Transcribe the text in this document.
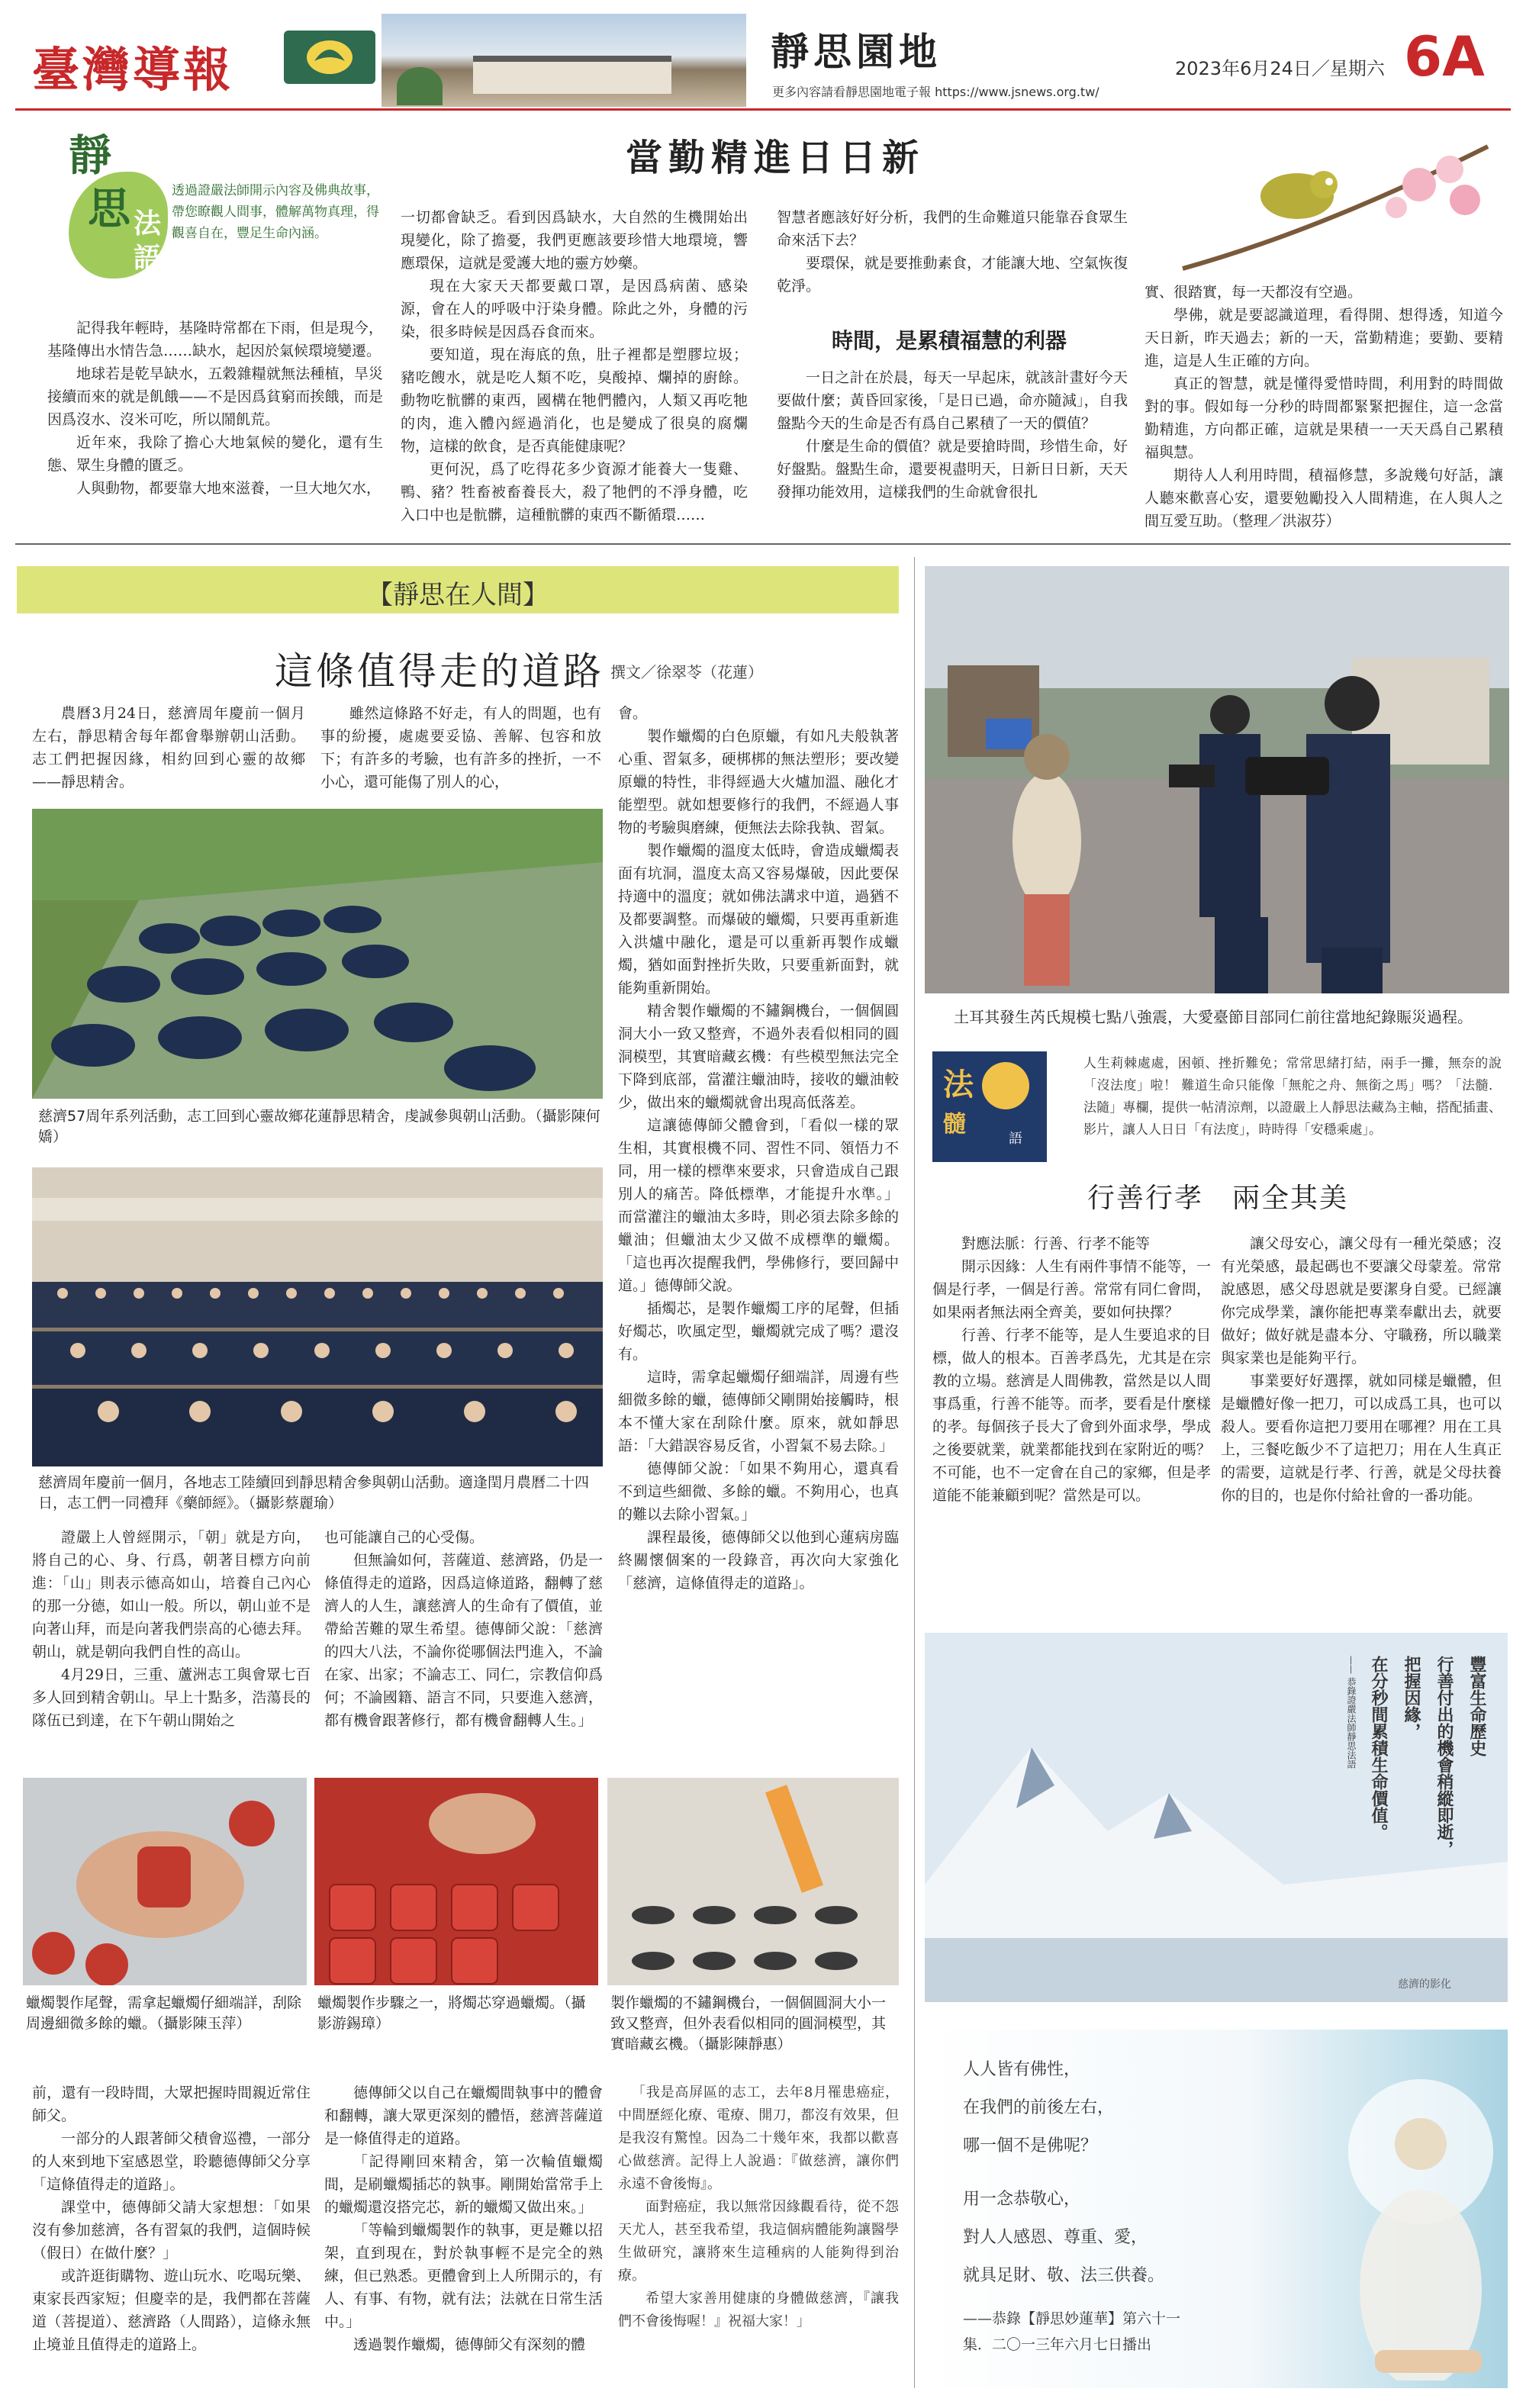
臺灣導報	靜思園地
更多內容請看靜思園地電子報 https://www.jsnews.org.tw/
2023年6月24日／星期六 6A
靜
思 法
語
透過證嚴法師開示內容及佛典故事，帶您瞭觀人間事，體解萬物真理，得觀喜自在，豐足生命內涵。
當勤精進日日新

記得我年輕時，基隆時常都在下雨，但是現今，基隆傳出水情告急……缺水，起因於氣候環境變遷。

地球若是乾旱缺水，五穀雜糧就無法種植，旱災接續而來的就是飢餓——不是因爲貧窮而挨餓，而是因爲沒水、沒米可吃，所以鬧飢荒。

近年來，我除了擔心大地氣候的變化，還有生態、眾生身體的匱乏。

人與動物，都要靠大地來滋養，一旦大地欠水，

一切都會缺乏。看到因爲缺水，大自然的生機開始出現變化，除了擔憂，我們更應該要珍惜大地環境，響應環保，這就是愛護大地的靈方妙藥。

現在大家天天都要戴口罩，是因爲病菌、感染源，會在人的呼吸中汙染身體。除此之外，身體的污染，很多時候是因爲吞食而來。

要知道，現在海底的魚，肚子裡都是塑膠垃圾；豬吃餿水，就是吃人類不吃，臭酸掉、爛掉的廚餘。動物吃骯髒的東西，國構在牠們體內，人類又再吃牠的肉，進入體內經過消化，也是變成了很臭的腐爛物，這樣的飲食，是否真能健康呢？

更何況，爲了吃得花多少資源才能養大一隻雞、鴨、豬？牲畜被畜養長大，殺了牠們的不淨身體，吃入口中也是骯髒，這種骯髒的東西不斷循環……

智慧者應該好好分析，我們的生命難道只能靠吞食眾生命來活下去？

要環保，就是要推動素食，才能讓大地、空氣恢復乾淨。

時間，是累積福慧的利器

一日之計在於晨，每天一早起床，就該計畫好今天要做什麼；黃昏回家後，「是日已過，命亦隨減」，自我盤點今天的生命是否有爲自己累積了一天的價值？

什麼是生命的價值？就是要搶時間，珍惜生命，好好盤點。盤點生命，還要視盡明天，日新日日新，天天發揮功能效用，這樣我們的生命就會很扎

實、很踏實，每一天都沒有空過。

學佛，就是要認識道理，看得開、想得透，知道今天日新，昨天過去；新的一天，當勤精進；要勤、要精進，這是人生正確的方向。

真正的智慧，就是懂得愛惜時間，利用對的時間做對的事。假如每一分秒的時間都緊緊把握住，這一念當勤精進，方向都正確，這就是果積一一天天爲自己累積福與慧。

期待人人利用時間，積福修慧，多說幾句好話，讓人聽來歡喜心安，還要勉勵投入人間精進，在人與人之間互愛互助。（整理／洪淑芬）

【靜思在人間】
這條值得走的道路 撰文／徐翠苓（花蓮）

農曆3月24日，慈濟周年慶前一個月左右，靜思精舍每年都會舉辦朝山活動。志工們把握因緣，相約回到心靈的故鄉——靜思精舍。

雖然這條路不好走，有人的問題，也有事的紛擾，處處要妥協、善解、包容和放下；有許多的考驗，也有許多的挫折，一不小心，還可能傷了別人的心，

慈濟57周年系列活動，志工回到心靈故鄉花蓮靜思精舍，虔誠參與朝山活動。（攝影陳何嬌）
慈濟周年慶前一個月，各地志工陸續回到靜思精舍參與朝山活動。適逢閏月農曆二十四日，志工們一同禮拜《藥師經》。（攝影蔡麗瑜）

證嚴上人曾經開示，「朝」就是方向，將自己的心、身、行爲，朝著目標方向前進：「山」則表示德高如山，培養自己內心的那一分德，如山一般。所以，朝山並不是向著山拜，而是向著我們崇高的心德去拜。朝山，就是朝向我們自性的高山。

4月29日，三重、蘆洲志工與會眾七百多人回到精舍朝山。早上十點多，浩蕩長的隊伍已到達，在下午朝山開始之

也可能讓自己的心受傷。

但無論如何，菩薩道、慈濟路，仍是一條值得走的道路，因爲這條道路，翻轉了慈濟人的人生，讓慈濟人的生命有了價值，並帶給苦難的眾生希望。德傳師父說：「慈濟的四大八法，不論你從哪個法門進入，不論在家、出家；不論志工、同仁，宗教信仰爲何；不論國籍、語言不同，只要進入慈濟，都有機會跟著修行，都有機會翻轉人生。」

會。

製作蠟燭的白色原蠟，有如凡夫般執著心重、習氣多，硬梆梆的無法塑形；要改變原蠟的特性，非得經過大火爐加溫、融化才能塑型。就如想要修行的我們，不經過人事物的考驗與磨練，便無法去除我執、習氣。

製作蠟燭的溫度太低時，會造成蠟燭表面有坑洞，溫度太高又容易爆破，因此要保持適中的溫度；就如佛法講求中道，過猶不及都要調整。而爆破的蠟燭，只要再重新進入洪爐中融化，還是可以重新再製作成蠟燭，猶如面對挫折失敗，只要重新面對，就能夠重新開始。

精舍製作蠟燭的不鏽鋼機台，一個個圓洞大小一致又整齊，不過外表看似相同的圓洞模型，其實暗藏玄機：有些模型無法完全下降到底部，當灌注蠟油時，接收的蠟油較少，做出來的蠟燭就會出現高低落差。

這讓德傳師父體會到，「看似一樣的眾生相，其實根機不同、習性不同、領悟力不同，用一樣的標準來要求，只會造成自己跟別人的痛苦。降低標準，才能提升水準。」而當灌注的蠟油太多時，則必須去除多餘的蠟油；但蠟油太少又做不成標準的蠟燭。「這也再次提醒我們，學佛修行，要回歸中道。」德傳師父說。

插燭芯，是製作蠟燭工序的尾聲，但插好燭芯，吹風定型，蠟燭就完成了嗎？還沒有。

這時，需拿起蠟燭仔細端詳，周邊有些細微多餘的蠟，德傳師父剛開始接觸時，根本不懂大家在刮除什麼。原來，就如靜思語：「大錯誤容易反省，小習氣不易去除。」

德傳師父說：「如果不夠用心，還真看不到這些細微、多餘的蠟。不夠用心，也真的難以去除小習氣。」

課程最後，德傳師父以他到心蓮病房臨終關懷個案的一段錄音，再次向大家強化「慈濟，這條值得走的道路」。

蠟燭製作尾聲，需拿起蠟燭仔細端詳，刮除周邊細微多餘的蠟。（攝影陳玉萍）
蠟燭製作步驟之一，將燭芯穿過蠟燭。（攝影游錫璋）
製作蠟燭的不鏽鋼機台，一個個圓洞大小一致又整齊，但外表看似相同的圓洞模型，其實暗藏玄機。（攝影陳靜惠）

前，還有一段時間，大眾把握時間親近常住師父。

一部分的人跟著師父積會巡禮，一部分的人來到地下室感恩堂，聆聽德傳師父分享「這條值得走的道路」。

課堂中，德傳師父請大家想想：「如果沒有參加慈濟，各有習氣的我們，這個時候（假日）在做什麼？」

或許逛街購物、遊山玩水、吃喝玩樂、東家長西家短；但慶幸的是，我們都在菩薩道（菩提道）、慈濟路（人間路），這條永無止境並且值得走的道路上。

德傳師父以自己在蠟燭間執事中的體會和翻轉，讓大眾更深刻的體悟，慈濟菩薩道是一條值得走的道路。

「記得剛回來精舍，第一次輪值蠟燭間，是刷蠟燭插芯的執事。剛開始當常手上的蠟燭還沒搭完芯，新的蠟燭又做出來。」

「等輪到蠟燭製作的執事，更是難以招架，直到現在，對於執事輕不是完全的熟練，但已熟悉。更體會到上人所開示的，有人、有事、有物，就有法；法就在日常生活中。」

透過製作蠟燭，德傳師父有深刻的體

「我是高屏區的志工，去年8月罹患癌症，中間歷經化療、電療、開刀，都沒有效果，但是我沒有驚惶。因為二十幾年來，我都以歡喜心做慈濟。記得上人說過：『做慈濟，讓你們永遠不會後悔』。

面對癌症，我以無常因緣觀看待，從不怨天尤人，甚至我希望，我這個病體能夠讓醫學生做研究，讓將來生這種病的人能夠得到治療。

希望大家善用健康的身體做慈濟，『讓我們不會後悔喔！』祝福大家！」

土耳其發生芮氏規模七點八強震，大愛臺節目部同仁前往當地紀錄賑災過程。
法
髓
語
人生莉棘處處，困頓、挫折難免；常常思緒打結，兩手一攤，無奈的說「沒法度」啦！ 難道生命只能像「無舵之舟、無銜之馬」嗎？「法髓．法隨」專欄，提供一帖清涼劑，以證嚴上人靜思法藏為主軸，搭配插畫、影片，讓人人日日「有法度」，時時得「安穩乘處」。
行善行孝　兩全其美

對應法脈：行善、行孝不能等

開示因緣：人生有兩件事情不能等，一個是行孝，一個是行善。常常有同仁會問，如果兩者無法兩全齊美，要如何抉擇？

行善、行孝不能等，是人生要追求的目標，做人的根本。百善孝爲先，尤其是在宗教的立場。慈濟是人間佛教，當然是以人間事爲重，行善不能等。而孝，要看是什麼樣的孝。每個孩子長大了會到外面求學，學成之後要就業，就業都能找到在家附近的嗎？不可能，也不一定會在自己的家鄉，但是孝道能不能兼顧到呢？當然是可以。

讓父母安心，讓父母有一種光榮感；沒有光榮感，最起碼也不要讓父母蒙羞。常常說感恩，感父母恩就是要潔身自愛。已經讓你完成學業，讓你能把專業奉獻出去，就要做好；做好就是盡本分、守職務，所以職業與家業也是能夠平行。

事業要好好選擇，就如同樣是蠟體，但是蠟體好像一把刀，可以成爲工具，也可以殺人。要看你這把刀要用在哪裡？用在工具上，三餐吃飯少不了這把刀；用在人生真正的需要，這就是行孝、行善，就是父母扶養你的目的，也是你付給社會的一番功能。

豐富生命歷史
行善付出的機會稍縱即逝，
把握因緣，
在分秒間累積生命價值。
—— 恭錄證嚴法師靜思法語
慈濟的影化
人人皆有佛性，
在我們的前後左右，
哪一個不是佛呢？
用一念恭敬心，
對人人感恩、尊重、愛，
就具足財、敬、法三供養。
——恭錄【靜思妙蓮華】第六十一
集．二〇一三年六月七日播出
